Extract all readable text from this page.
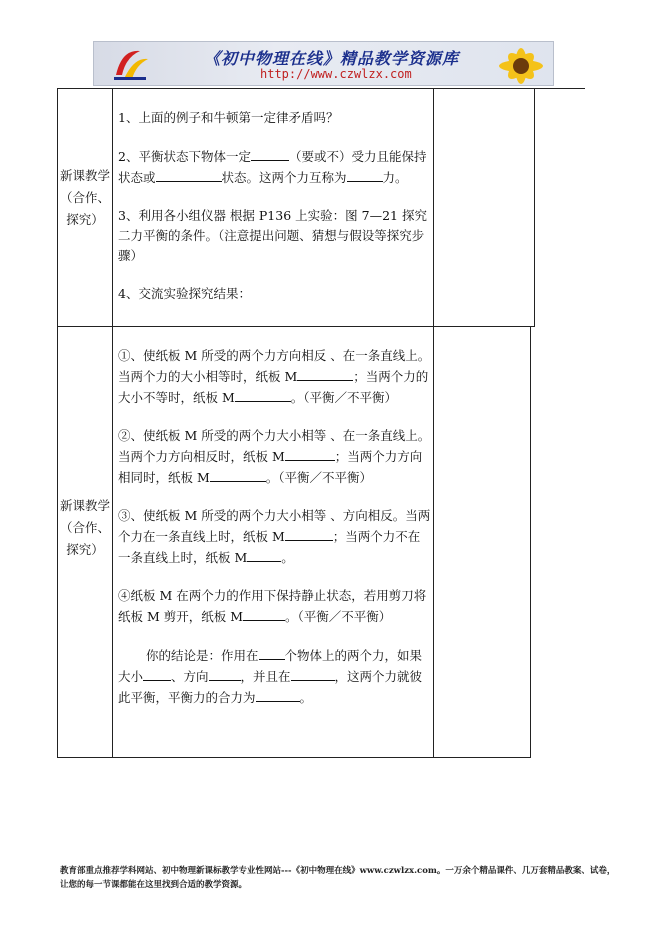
《初中物理在线》精品教学资源库
http://www.czwlzx.com
新课教学（合作、探究）

1、上面的例子和牛顿第一定律矛盾吗？

2、平衡状态下物体一定	（要或不）受力且能保持
状态或	状态。这两个力互称为	力。

3、利用各小组仪器 根据 P136 上实验：图 7—21 探究二力平衡的条件。（注意提出问题、猜想与假设等探究步骤）

4、交流实验探究结果：

新课教学（合作、探究）

①、使纸板 M 所受的两个力方向相反 、在一条直线上。当两个力的大小相等时，纸板 M	；当两个力的大小不等时，纸板 M	。（平衡／不平衡）

②、使纸板 M 所受的两个力大小相等 、在一条直线上。当两个力方向相反时，纸板 M	；当两个力方向相同时，纸板 M	。（平衡／不平衡）

③、使纸板 M 所受的两个力大小相等 、方向相反。当两个力在一条直线上时，纸板 M	；当两个力不在一条直线上时，纸板 M	。

④纸板 M 在两个力的作用下保持静止状态，若用剪刀将纸板 M 剪开，纸板 M	。（平衡／不平衡）

你的结论是：作用在 个物体上的两个力，如果大小 、方向	，并且在	，这两个力就彼此平衡，平衡力的合力为	。

教育部重点推荐学科网站、初中物理新课标教学专业性网站---《初中物理在线》www.czwlzx.com。一万余个精品课件、几万套精品教案、试卷，让您的每一节课都能在这里找到合适的教学资源。
